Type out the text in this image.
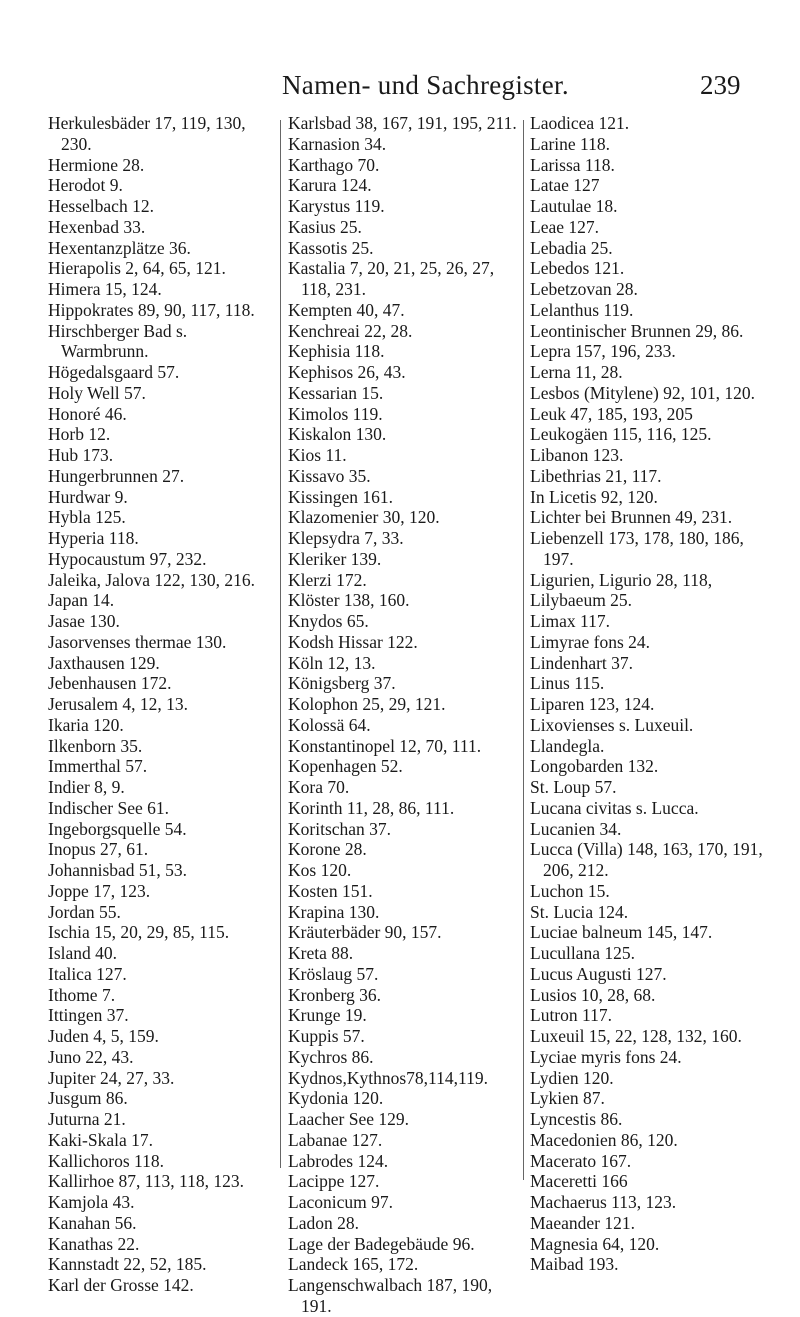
Namen- und Sachregister.	239
Herkulesbäder 17, 119, 130, 230.
Hermione 28.
Herodot 9.
Hesselbach 12.
Hexenbad 33.
Hexentanzplätze 36.
Hierapolis 2, 64, 65, 121.
Himera 15, 124.
Hippokrates 89, 90, 117, 118.
Hirschberger Bad s. Warmbrunn.
Högedalsgaard 57.
Holy Well 57.
Honoré 46.
Horb 12.
Hub 173.
Hungerbrunnen 27.
Hurdwar 9.
Hybla 125.
Hyperia 118.
Hypocaustum 97, 232.
Jaleika, Jalova 122, 130, 216.
Japan 14.
Jasae 130.
Jasorvenses thermae 130.
Jaxthausen 129.
Jebenhausen 172.
Jerusalem 4, 12, 13.
Ikaria 120.
Ilkenborn 35.
Immerthal 57.
Indier 8, 9.
Indischer See 61.
Ingeborgsquelle 54.
Inopus 27, 61.
Johannisbad 51, 53.
Joppe 17, 123.
Jordan 55.
Ischia 15, 20, 29, 85, 115.
Island 40.
Italica 127.
Ithome 7.
Ittingen 37.
Juden 4, 5, 159.
Juno 22, 43.
Jupiter 24, 27, 33.
Jusgum 86.
Juturna 21.
Kaki-Skala 17.
Kallichoros 118.
Kallirhoe 87, 113, 118, 123.
Kamjola 43.
Kanahan 56.
Kanathas 22.
Kannstadt 22, 52, 185.
Karl der Grosse 142.
Karlsbad 38, 167, 191, 195, 211.
Karnasion 34.
Karthago 70.
Karura 124.
Karystus 119.
Kasius 25.
Kassotis 25.
Kastalia 7, 20, 21, 25, 26, 27, 118, 231.
Kempten 40, 47.
Kenchreai 22, 28.
Kephisia 118.
Kephisos 26, 43.
Kessarian 15.
Kimolos 119.
Kiskalon 130.
Kios 11.
Kissavo 35.
Kissingen 161.
Klazomenier 30, 120.
Klepsydra 7, 33.
Kleriker 139.
Klerzi 172.
Klöster 138, 160.
Knydos 65.
Kodsh Hissar 122.
Köln 12, 13.
Königsberg 37.
Kolophon 25, 29, 121.
Kolossä 64.
Konstantinopel 12, 70, 111.
Kopenhagen 52.
Kora 70.
Korinth 11, 28, 86, 111.
Koritschan 37.
Korone 28.
Kos 120.
Kosten 151.
Krapina 130.
Kräuterbäder 90, 157.
Kreta 88.
Kröslaug 57.
Kronberg 36.
Krunge 19.
Kuppis 57.
Kychros 86.
Kydnos,Kythnos78,114,119.
Kydonia 120.
Laacher See 129.
Labanae 127.
Labrodes 124.
Lacippe 127.
Laconicum 97.
Ladon 28.
Lage der Badegebäude 96.
Landeck 165, 172.
Langenschwalbach 187, 190, 191.
Laodicea 121.
Larine 118.
Larissa 118.
Latae 127
Lautulae 18.
Leae 127.
Lebadia 25.
Lebedos 121.
Lebetzovan 28.
Lelanthus 119.
Leontinischer Brunnen 29, 86.
Lepra 157, 196, 233.
Lerna 11, 28.
Lesbos (Mitylene) 92, 101, 120.
Leuk 47, 185, 193, 205
Leukogäen 115, 116, 125.
Libanon 123.
Libethrias 21, 117.
In Licetis 92, 120.
Lichter bei Brunnen 49, 231.
Liebenzell 173, 178, 180, 186, 197.
Ligurien, Ligurio 28, 118,
Lilybaeum 25.
Limax 117.
Limyrae fons 24.
Lindenhart 37.
Linus 115.
Liparen 123, 124.
Lixovienses s. Luxeuil.
Llandegla.
Longobarden 132.
St. Loup 57.
Lucana civitas s. Lucca.
Lucanien 34.
Lucca (Villa) 148, 163, 170, 191, 206, 212.
Luchon 15.
St. Lucia 124.
Luciae balneum 145, 147.
Lucullana 125.
Lucus Augusti 127.
Lusios 10, 28, 68.
Lutron 117.
Luxeuil 15, 22, 128, 132, 160.
Lyciae myris fons 24.
Lydien 120.
Lykien 87.
Lyncestis 86.
Macedonien 86, 120.
Macerato 167.
Maceretti 166
Machaerus 113, 123.
Maeander 121.
Magnesia 64, 120.
Maibad 193.
